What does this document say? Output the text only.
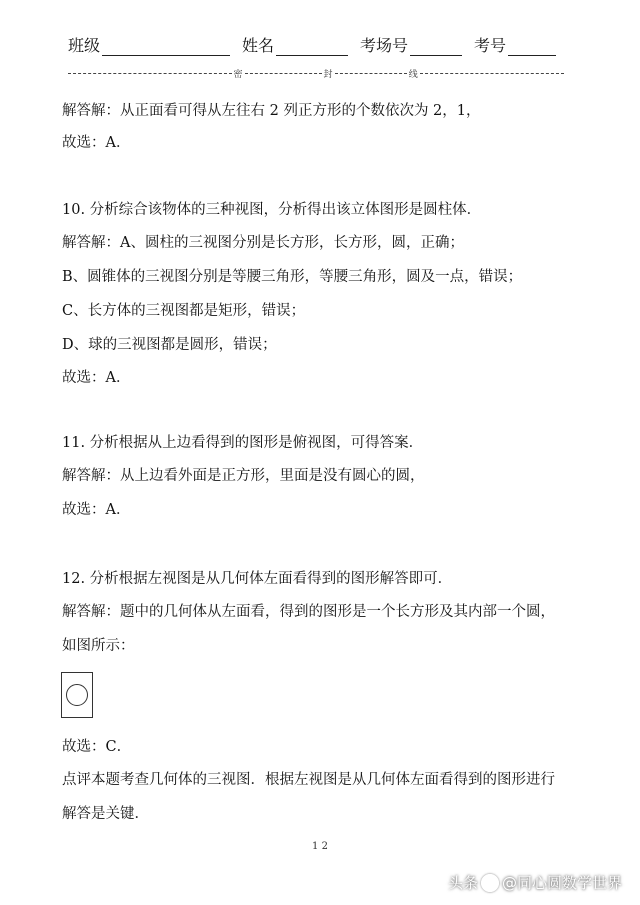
班级	姓名	考场号	考号
密	封	线
解答解：从正面看可得从左往右 2 列正方形的个数依次为 2，1，
故选：A．
10. 分析综合该物体的三种视图，分析得出该立体图形是圆柱体．
解答解：A、圆柱的三视图分别是长方形，长方形，圆，正确；
B、圆锥体的三视图分别是等腰三角形，等腰三角形，圆及一点，错误；
C、长方体的三视图都是矩形，错误；
D、球的三视图都是圆形，错误；
故选：A．
11. 分析根据从上边看得到的图形是俯视图，可得答案．
解答解：从上边看外面是正方形，里面是没有圆心的圆，
故选：A．
12. 分析根据左视图是从几何体左面看得到的图形解答即可．
解答解：题中的几何体从左面看，得到的图形是一个长方形及其内部一个圆，
如图所示：
故选：C．
点评本题考查几何体的三视图．根据左视图是从几何体左面看得到的图形进行
解答是关键．
1 2
头条 @同心圆数学世界
